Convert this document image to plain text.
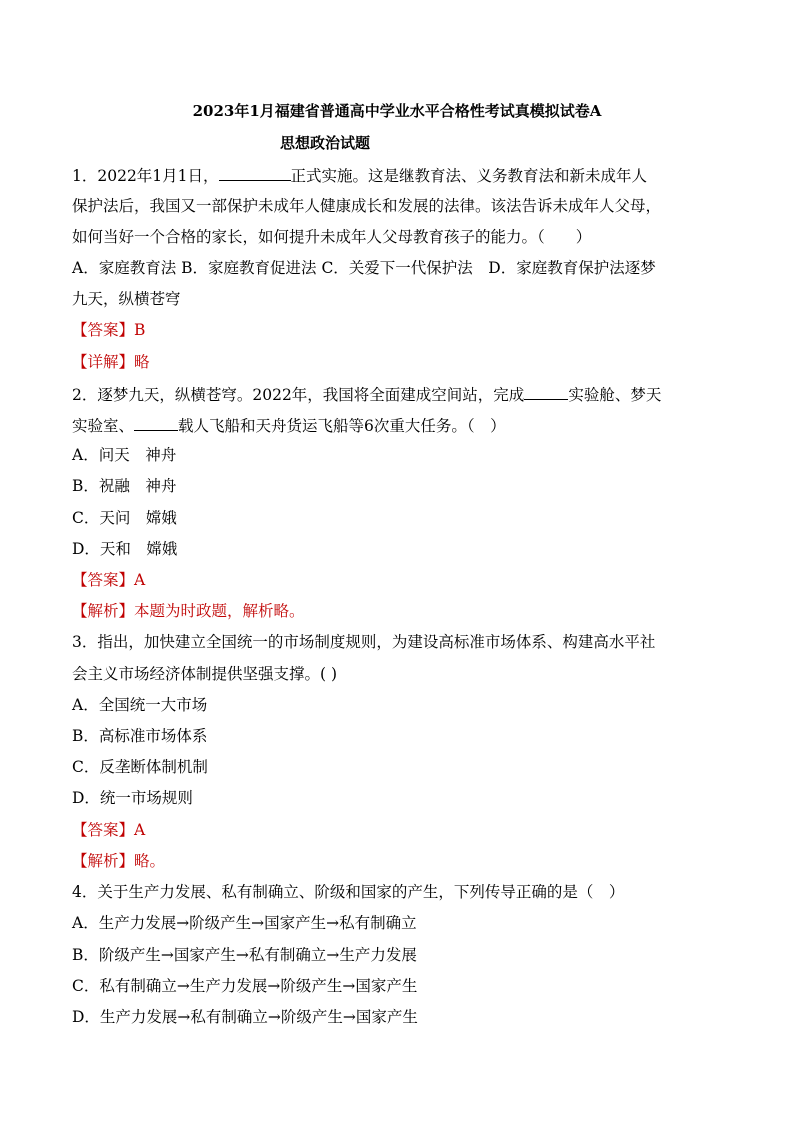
2023年1月福建省普通高中学业水平合格性考试真模拟试卷A
思想政治试题
1．2022年1月1日，	正式实施。这是继教育法、义务教育法和新未成年人
保护法后，我国又一部保护未成年人健康成长和发展的法律。该法告诉未成年人父母，
如何当好一个合格的家长，如何提升未成年人父母教育孩子的能力。（　　）
A．家庭教育法 B．家庭教育促进法 C．关爱下一代保护法　D．家庭教育保护法逐梦
九天，纵横苍穹
【答案】B
【详解】略
2．逐梦九天，纵横苍穹。2022年，我国将全面建成空间站，完成	实验舱、梦天
实验室、	载人飞船和天舟货运飞船等6次重大任务。（　）
A．问天　神舟
B．祝融　神舟
C．天问　嫦娥
D．天和　嫦娥
【答案】A
【解析】本题为时政题，解析略。
3．指出，加快建立全国统一的市场制度规则，为建设高标准市场体系、构建高水平社
会主义市场经济体制提供坚强支撑。( )
A．全国统一大市场
B．高标准市场体系
C．反垄断体制机制
D．统一市场规则
【答案】A
【解析】略。
4．关于生产力发展、私有制确立、阶级和国家的产生，下列传导正确的是（　）
A．生产力发展→阶级产生→国家产生→私有制确立
B．阶级产生→国家产生→私有制确立→生产力发展
C．私有制确立→生产力发展→阶级产生→国家产生
D．生产力发展→私有制确立→阶级产生→国家产生
